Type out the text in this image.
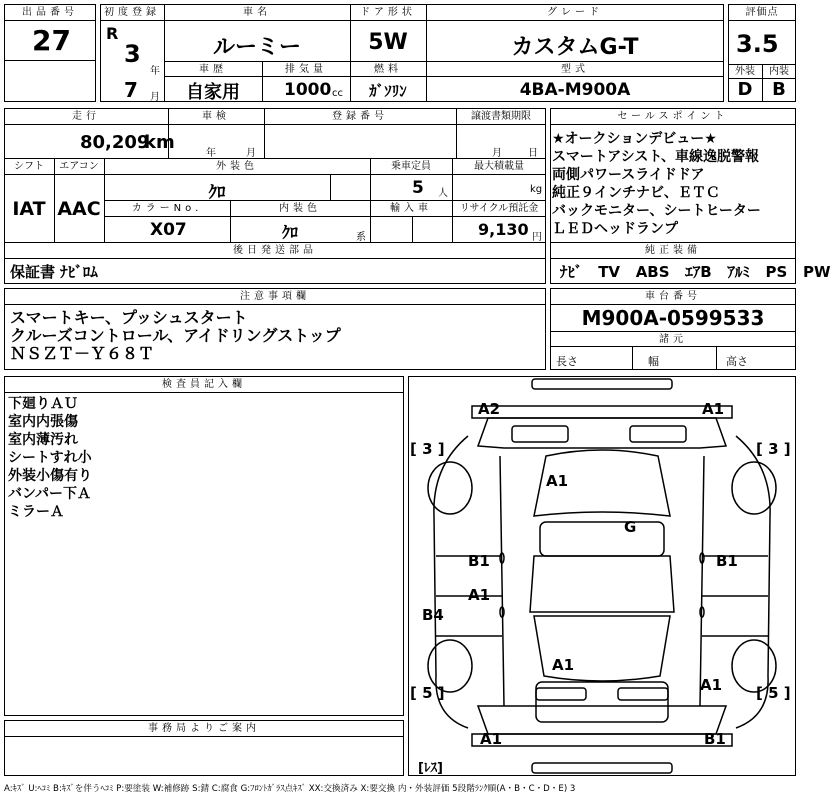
出品番号
27
初度登録
R
3
年
7 月
車名
ルーミー
ドア形状
5W
グレード
カスタムG-T
車歴
自家用
排気量
1000 cc
燃料
ｶﾞｿﾘﾝ
型式
4BA-M900A
評価点
3.5
外装	内装
D	B
走行
80,209
km
車検
年	月
登録番号	譲渡書類期限
月	日
シフト
IAT
エアコン
AAC
外装色
ｸﾛ
乗車定員
5 人
最大積載量
kg
カラーNo.
X07
内装色
ｸﾛ	系
輸入車	リサイクル預託金
9,130 円
後日発送部品
保証書 ﾅﾋﾞﾛﾑ
セールスポイント
★オークションデビュー★
スマートアシスト、車線逸脱警報
両側パワースライドドア
純正９インチナビ、ＥＴＣ
バックモニター、シートヒーター
ＬＥＤヘッドランプ
純正装備
ﾅﾋﾞ TV ABS ｴｱB ｱﾙﾐ PS PW
注意事項欄
スマートキー、プッシュスタート
クルーズコントロール、アイドリングストップ
ＮＳＺＴ－Ｙ６８Ｔ
車台番号
M900A-0599533
諸元
長さ	幅	高さ
検査員記入欄
下廻りＡＵ
室内内張傷
室内薄汚れ
シートすれ小
外装小傷有り
バンパー下Ａ
ミラーＡ
事務局よりご案内
[ 3 ]	[ 3 ]
[ 5 ]	[ 5 ]
[ﾚｽ]
A2	A1
A1
G
B1	B1
A1
B4
A1
A1
A1	B1
A:ｷｽﾞ U:ﾍｺﾐ B:ｷｽﾞを伴うﾍｺﾐ P:要塗装 W:補修跡 S:錆 C:腐食 G:ﾌﾛﾝﾄｶﾞﾗｽ点ｷｽﾞ XX:交換済み X:要交換 内・外装評価 5段階ﾗﾝｸ順(A・B・C・D・E) 3
